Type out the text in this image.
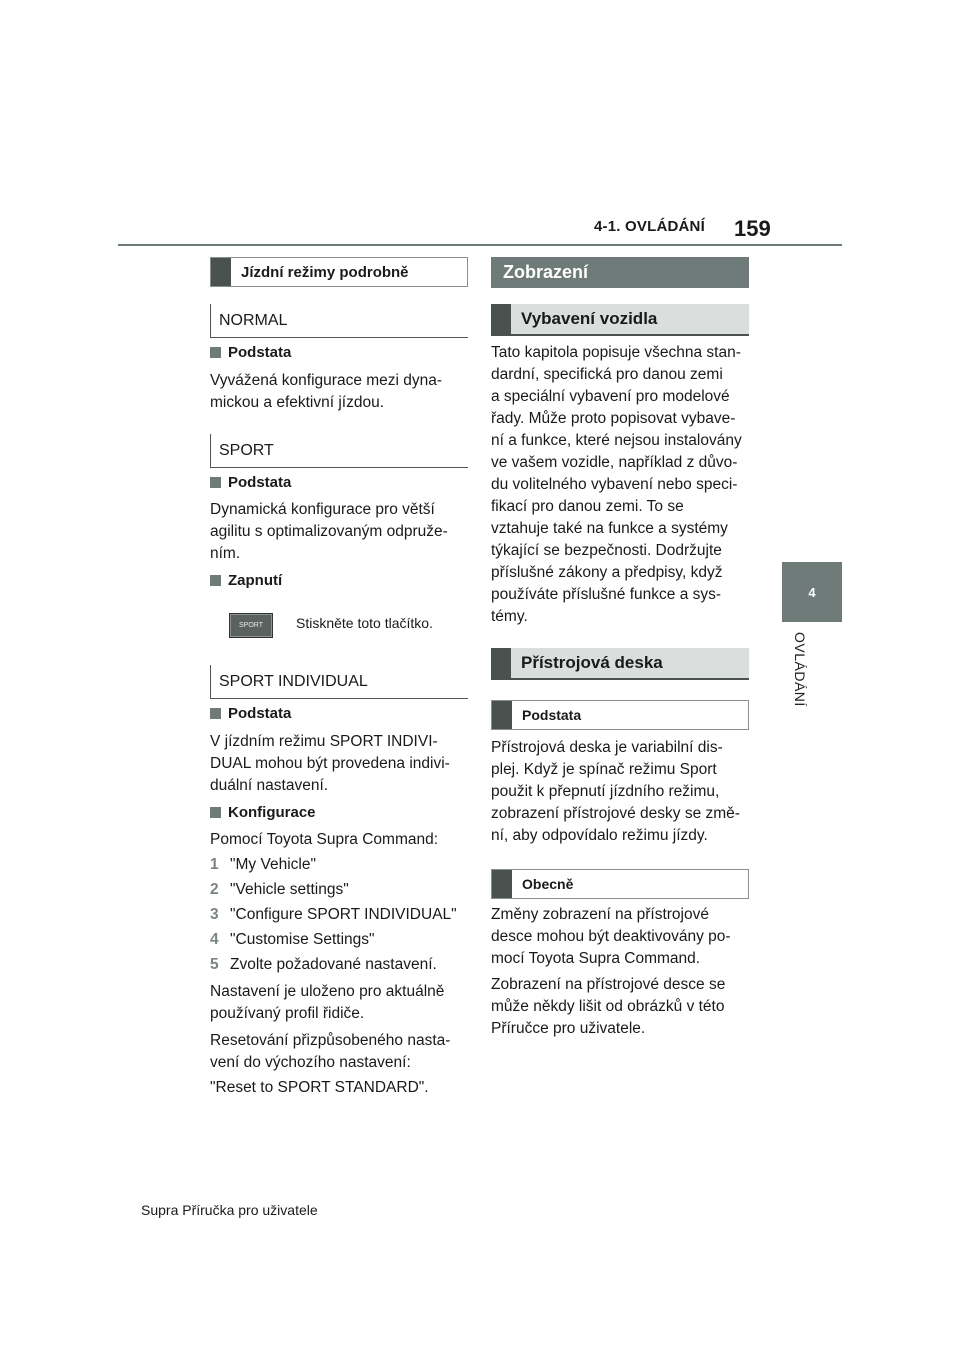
4-1. OVLÁDÁNÍ 159
4
OVLÁDÁNÍ
Jízdní režimy podrobně
NORMAL
Podstata
Vyvážená konfigurace mezi dyna-
mickou a efektivní jízdou.
SPORT
Podstata
Dynamická konfigurace pro větší
agilitu s optimalizovaným odpruže-
ním.
Zapnutí
SPORT	Stiskněte toto tlačítko.
SPORT INDIVIDUAL
Podstata
V jízdním režimu SPORT INDIVI-
DUAL mohou být provedena indivi-
duální nastavení.
Konfigurace
Pomocí Toyota Supra Command:
1 "My Vehicle"
2 "Vehicle settings"
3 "Configure SPORT INDIVIDUAL"
4 "Customise Settings"
5 Zvolte požadované nastavení.
Nastavení je uloženo pro aktuálně
používaný profil řidiče.
Resetování přizpůsobeného nasta-
vení do výchozího nastavení:
"Reset to SPORT STANDARD".
Zobrazení
Vybavení vozidla
Tato kapitola popisuje všechna stan-
dardní, specifická pro danou zemi
a speciální vybavení pro modelové
řady. Může proto popisovat vybave-
ní a funkce, které nejsou instalovány
ve vašem vozidle, například z důvo-
du volitelného vybavení nebo speci-
fikací pro danou zemi. To se
vztahuje také na funkce a systémy
týkající se bezpečnosti. Dodržujte
příslušné zákony a předpisy, když
používáte příslušné funkce a sys-
témy.
Přístrojová deska
Podstata
Přístrojová deska je variabilní dis-
plej. Když je spínač režimu Sport
použit k přepnutí jízdního režimu,
zobrazení přístrojové desky se změ-
ní, aby odpovídalo režimu jízdy.
Obecně
Změny zobrazení na přístrojové
desce mohou být deaktivovány po-
mocí Toyota Supra Command.
Zobrazení na přístrojové desce se
může někdy lišit od obrázků v této
Příručce pro uživatele.
Supra Příručka pro uživatele
